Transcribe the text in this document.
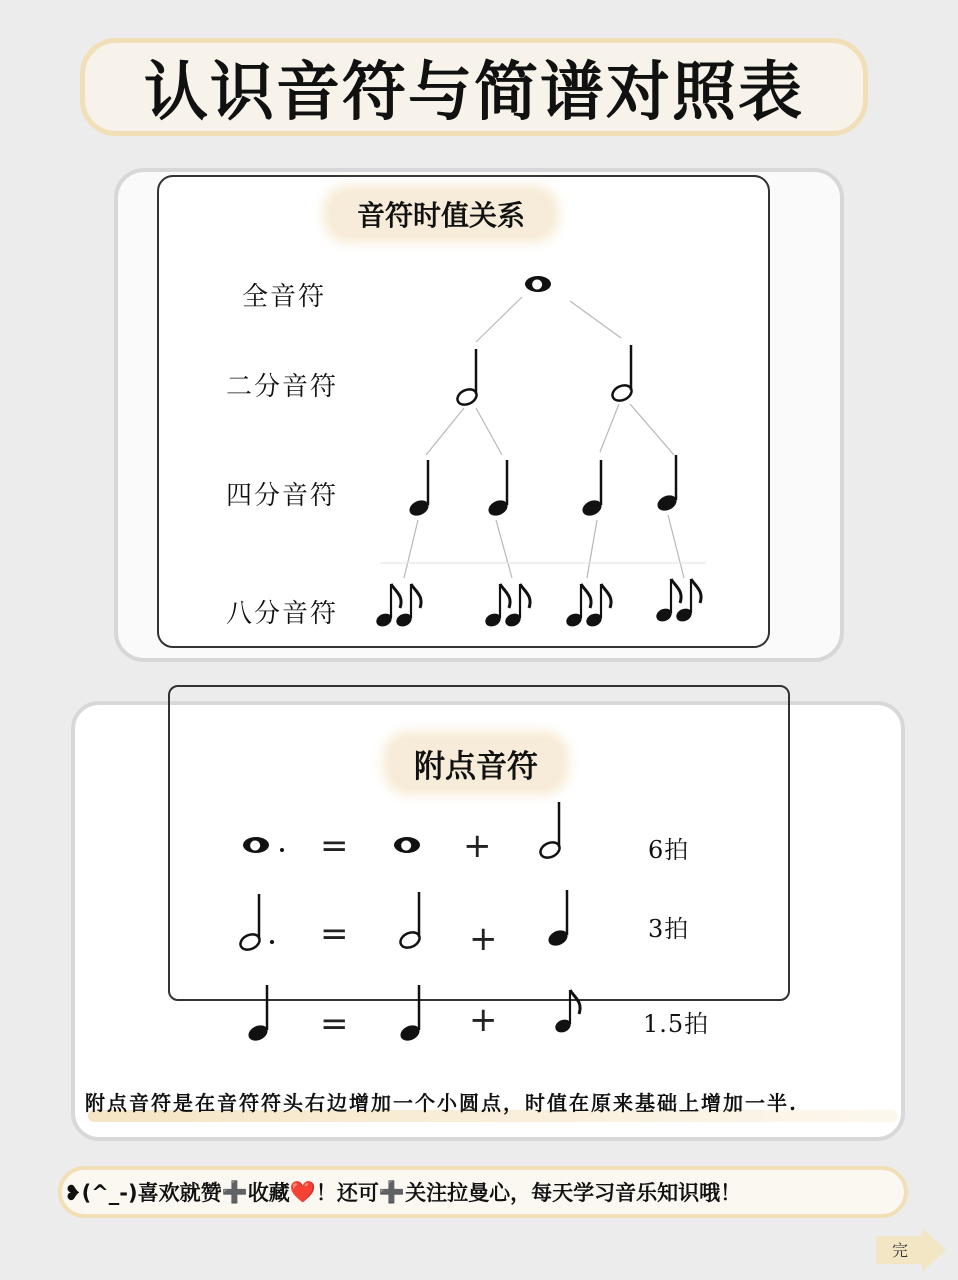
认识音符与简谱对照表
音符时值关系
全音符
二分音符
四分音符
八分音符
附点音符
=	+	6拍
=	+	3拍
=	+	1.5拍
附点音符是在音符符头右边增加一个小圆点，时值在原来基础上增加一半.
❥(^_-)喜欢就赞 ➕ 收藏 ❤️ ！还可 ➕ 关注拉曼心，每天学习音乐知识哦！
完
